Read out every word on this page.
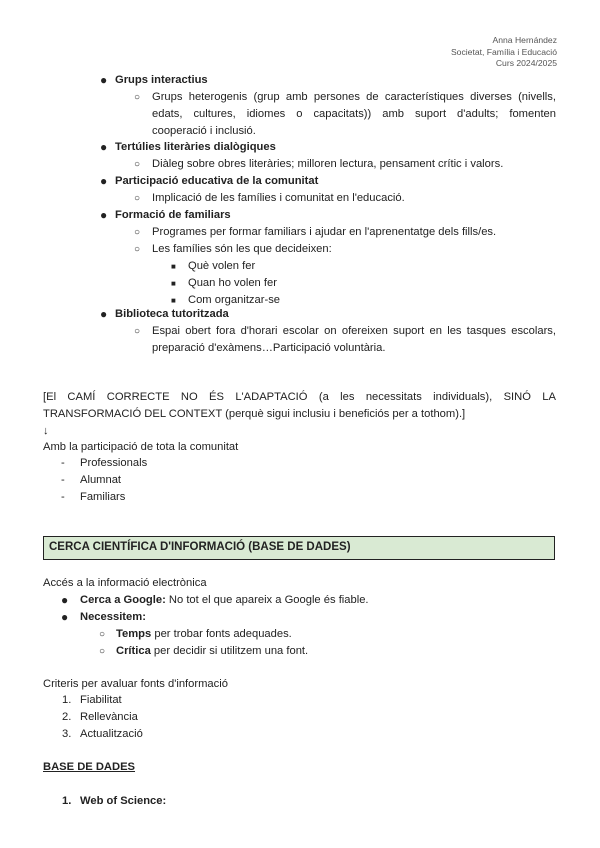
Anna Hernández
Societat, Família i Educació
Curs 2024/2025
● Grups interactius
○ Grups heterogenis (grup amb persones de característiques diverses (nivells,
edats, cultures, idiomes o capacitats)) amb suport d'adults; fomenten
cooperació i inclusió.
● Tertúlies literàries dialògiques
○ Diàleg sobre obres literàries; milloren lectura, pensament crític i valors.
● Participació educativa de la comunitat
○ Implicació de les famílies i comunitat en l'educació.
● Formació de familiars
○ Programes per formar familiars i ajudar en l'aprenentatge dels fills/es.
○ Les famílies són les que decideixen:
■ Què volen fer
■ Quan ho volen fer
■ Com organitzar-se
● Biblioteca tutoritzada
○ Espai obert fora d'horari escolar on ofereixen suport en les tasques escolars,
preparació d'exàmens…Participació voluntària.
[El CAMÍ CORRECTE NO ÉS L'ADAPTACIÓ (a les necessitats individuals), SINÓ LA
TRANSFORMACIÓ DEL CONTEXT (perquè sigui inclusiu i beneficiós per a tothom).]
↓
Amb la participació de tota la comunitat
- Professionals
- Alumnat
- Familiars
CERCA CIENTÍFICA D'INFORMACIÓ (BASE DE DADES)
Accés a la informació electrònica
● Cerca a Google: No tot el que apareix a Google és fiable.
● Necessitem:
○ Temps per trobar fonts adequades.
○ Crítica per decidir si utilitzem una font.
Criteris per avaluar fonts d'informació
1. Fiabilitat
2. Rellevància
3. Actualització
BASE DE DADES
1. Web of Science:
